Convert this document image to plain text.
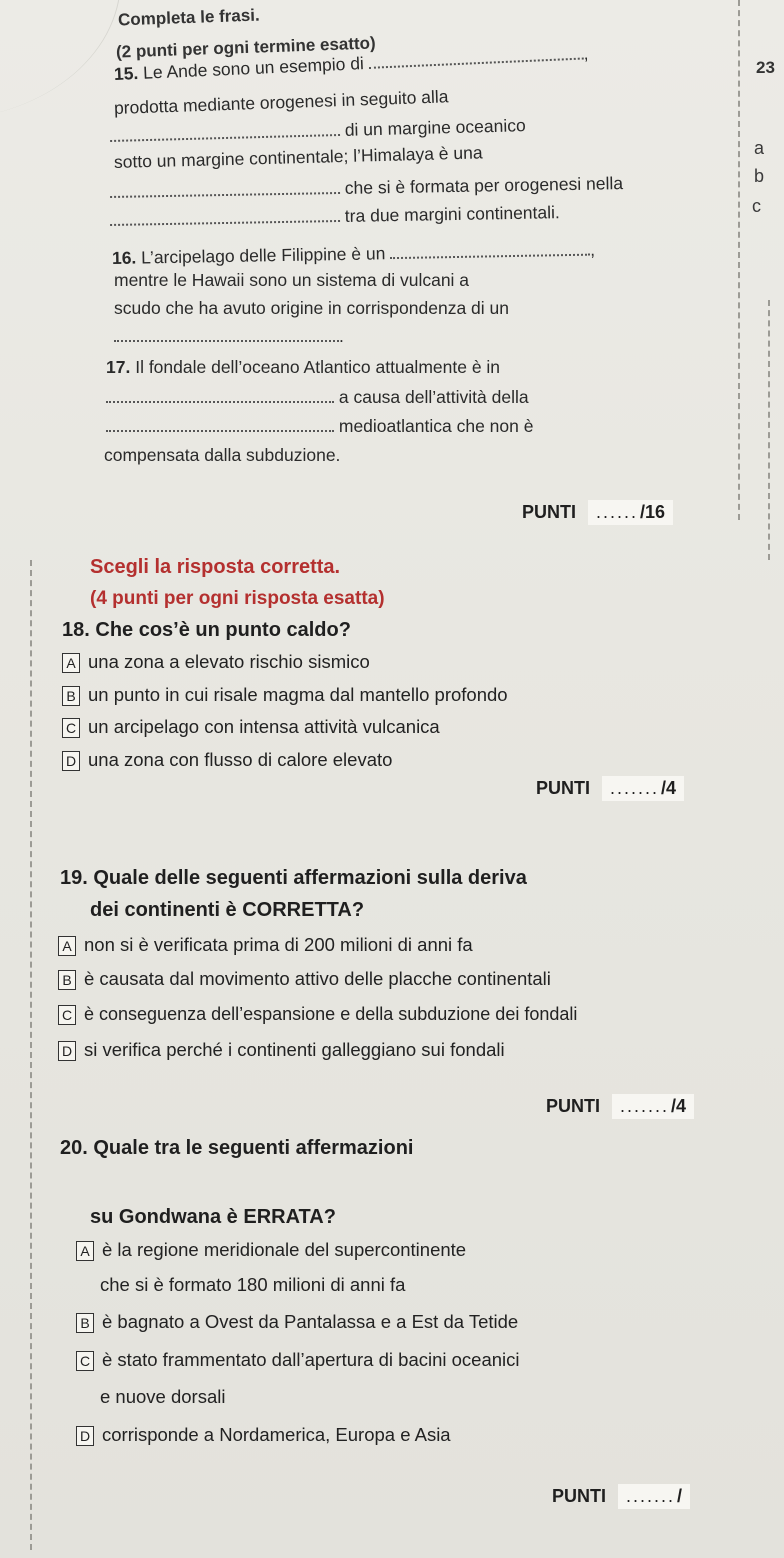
Completa le frasi.
(2 punti per ogni termine esatto)
23
a
b
c
15. Le Ande sono un esempio di	,
prodotta mediante orogenesi in seguito alla
di un margine oceanico
sotto un margine continentale; l’Himalaya è una
che si è formata per orogenesi nella
tra due margini continentali.
16. L’arcipelago delle Filippine è un	,
mentre le Hawaii sono un sistema di vulcani a
scudo che ha avuto origine in corrispondenza di un
.
17. Il fondale dell’oceano Atlantico attualmente è in
a causa dell’attività della
medioatlantica che non è
compensata dalla subduzione.
PUNTI ...... /16
Scegli la risposta corretta.
(4 punti per ogni risposta esatta)
18. Che cos’è un punto caldo?
A una zona a elevato rischio sismico
B un punto in cui risale magma dal mantello profondo
C un arcipelago con intensa attività vulcanica
D una zona con flusso di calore elevato
PUNTI ....... /4
19. Quale delle seguenti affermazioni sulla deriva
dei continenti è CORRETTA?
A non si è verificata prima di 200 milioni di anni fa
B è causata dal movimento attivo delle placche continentali
C è conseguenza dell’espansione e della subduzione dei fondali
D si verifica perché i continenti galleggiano sui fondali
PUNTI ....... /4
20. Quale tra le seguenti affermazioni
su Gondwana è ERRATA?
A è la regione meridionale del supercontinente
che si è formato 180 milioni di anni fa
B è bagnato a Ovest da Pantalassa e a Est da Tetide
C è stato frammentato dall’apertura di bacini oceanici
e nuove dorsali
D corrisponde a Nordamerica, Europa e Asia
PUNTI ....... /
